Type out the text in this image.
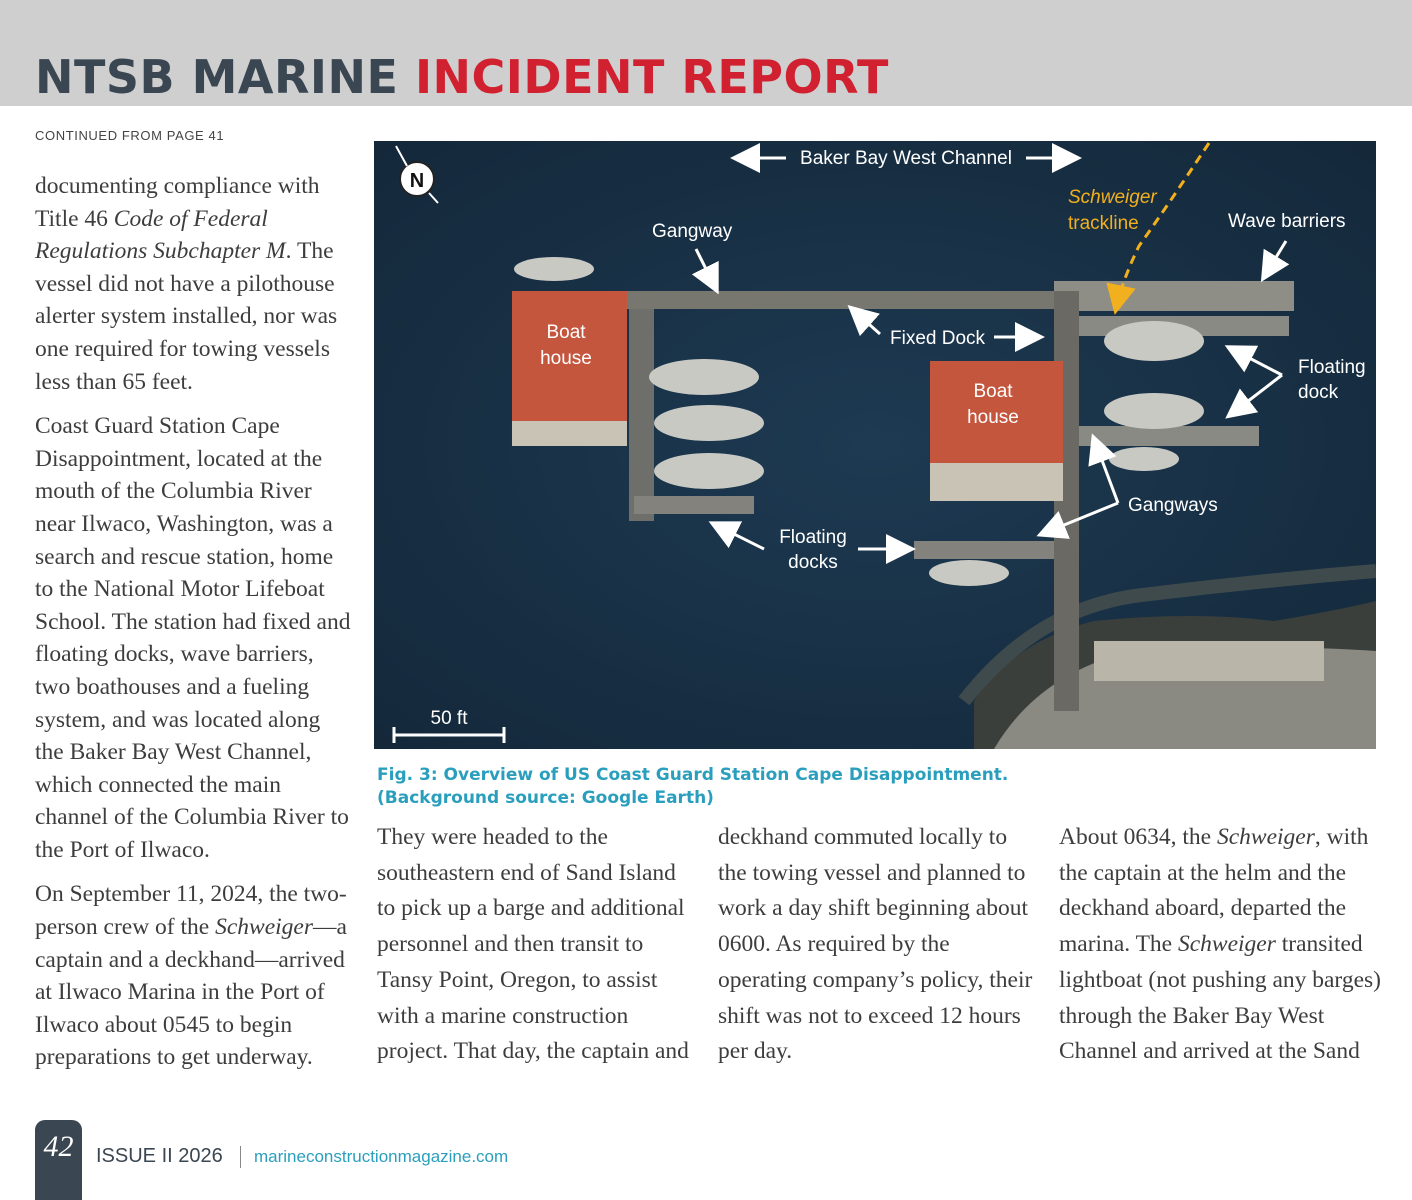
NTSB MARINE INCIDENT REPORT
CONTINUED FROM PAGE 41

documenting compliance with Title 46 Code of Federal Regulations Subchapter M. The vessel did not have a pilothouse alerter system installed, nor was one required for towing vessels less than 65 feet.

Coast Guard Station Cape Disappointment, located at the mouth of the Columbia River near Ilwaco, Washington, was a search and rescue station, home to the National Motor Lifeboat School. The station had fixed and floating docks, wave barriers, two boathouses and a fueling system, and was located along the Baker Bay West Channel, which connected the main channel of the Columbia River to the Port of Ilwaco.

On September 11, 2024, the two-person crew of the Schweiger—a captain and a deckhand—arrived at Ilwaco Marina in the Port of Ilwaco about 0545 to begin preparations to get underway.

N
Baker Bay West Channel
Schweiger
trackline
Gangway	Wave barriers
Boat
house
Boat
house
Fixed Dock
Floating
dock
Gangways
Floating
docks
50 ft
Fig. 3: Overview of US Coast Guard Station Cape Disappointment.
(Background source: Google Earth)

They were headed to the southeastern end of Sand Island to pick up a barge and additional personnel and then transit to Tansy Point, Oregon, to assist with a marine construction project. That day, the captain and

deckhand commuted locally to the towing vessel and planned to work a day shift beginning about 0600. As required by the operating company’s policy, their shift was not to exceed 12 hours per day.

About 0634, the Schweiger, with the captain at the helm and the deckhand aboard, departed the marina. The Schweiger transited lightboat (not pushing any barges) through the Baker Bay West Channel and arrived at the Sand

42	ISSUE II 2026 marineconstructionmagazine.com
